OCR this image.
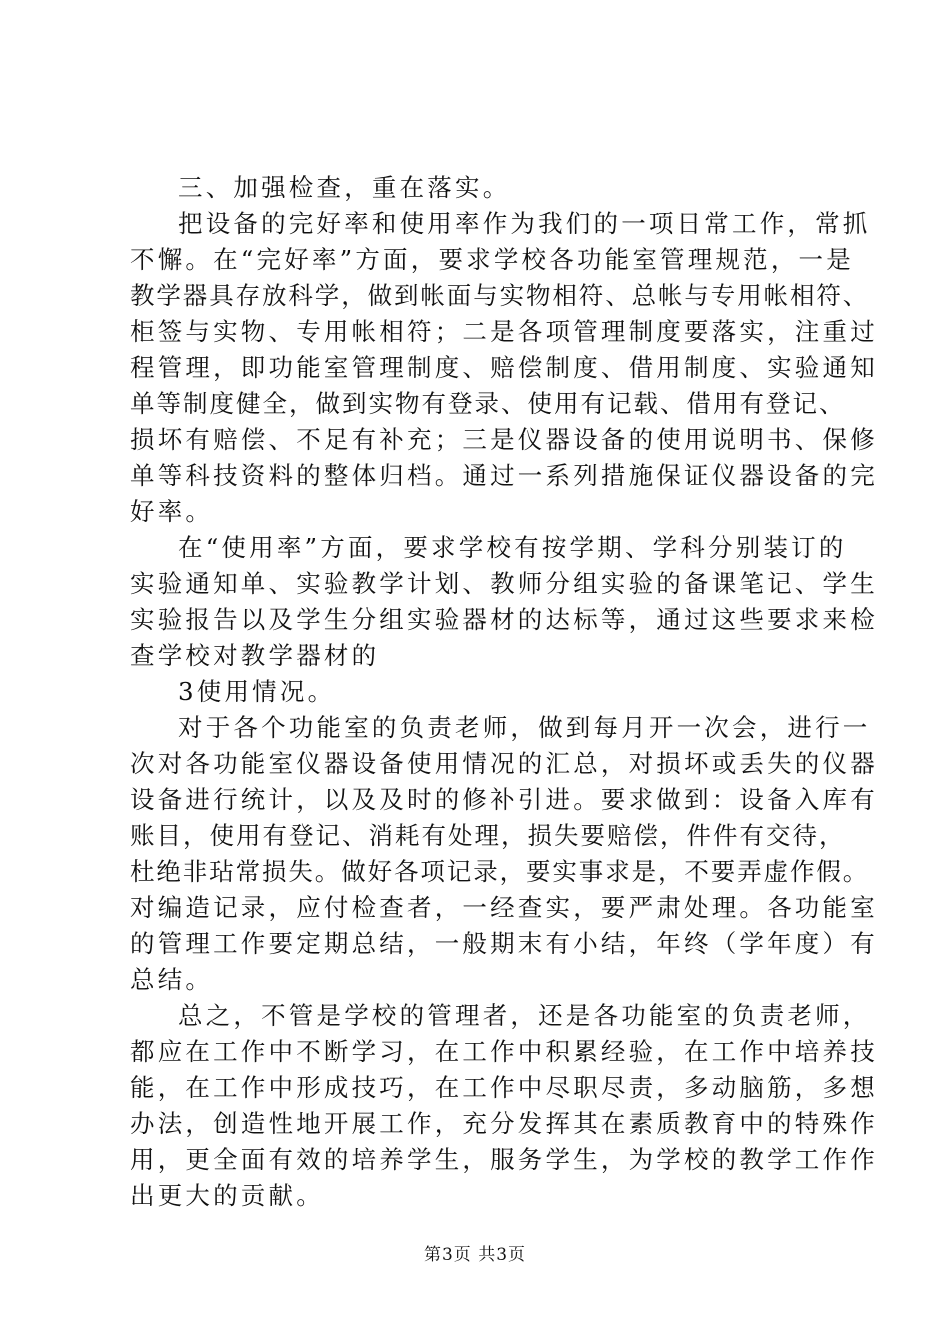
三、加强检查，重在落实。
把设备的完好率和使用率作为我们的一项日常工作，常抓
不懈。在“完好率”方面，要求学校各功能室管理规范，一是
教学器具存放科学，做到帐面与实物相符、总帐与专用帐相符、
柜签与实物、专用帐相符；二是各项管理制度要落实，注重过
程管理，即功能室管理制度、赔偿制度、借用制度、实验通知
单等制度健全，做到实物有登录、使用有记载、借用有登记、
损坏有赔偿、不足有补充；三是仪器设备的使用说明书、保修
单等科技资料的整体归档。通过一系列措施保证仪器设备的完
好率。
在“使用率”方面，要求学校有按学期、学科分别装订的
实验通知单、实验教学计划、教师分组实验的备课笔记、学生
实验报告以及学生分组实验器材的达标等，通过这些要求来检
查学校对教学器材的
3使用情况。
对于各个功能室的负责老师，做到每月开一次会，进行一
次对各功能室仪器设备使用情况的汇总，对损坏或丢失的仪器
设备进行统计，以及及时的修补引进。要求做到：设备入库有
账目，使用有登记、消耗有处理，损失要赔偿，件件有交待，
杜绝非玷常损失。做好各项记录，要实事求是，不要弄虚作假。
对编造记录，应付检查者，一经查实，要严肃处理。各功能室
的管理工作要定期总结，一般期末有小结，年终（学年度）有
总结。
总之，不管是学校的管理者，还是各功能室的负责老师，
都应在工作中不断学习，在工作中积累经验，在工作中培养技
能，在工作中形成技巧，在工作中尽职尽责，多动脑筋，多想
办法，创造性地开展工作，充分发挥其在素质教育中的特殊作
用，更全面有效的培养学生，服务学生，为学校的教学工作作
出更大的贡献。
第3页 共3页
